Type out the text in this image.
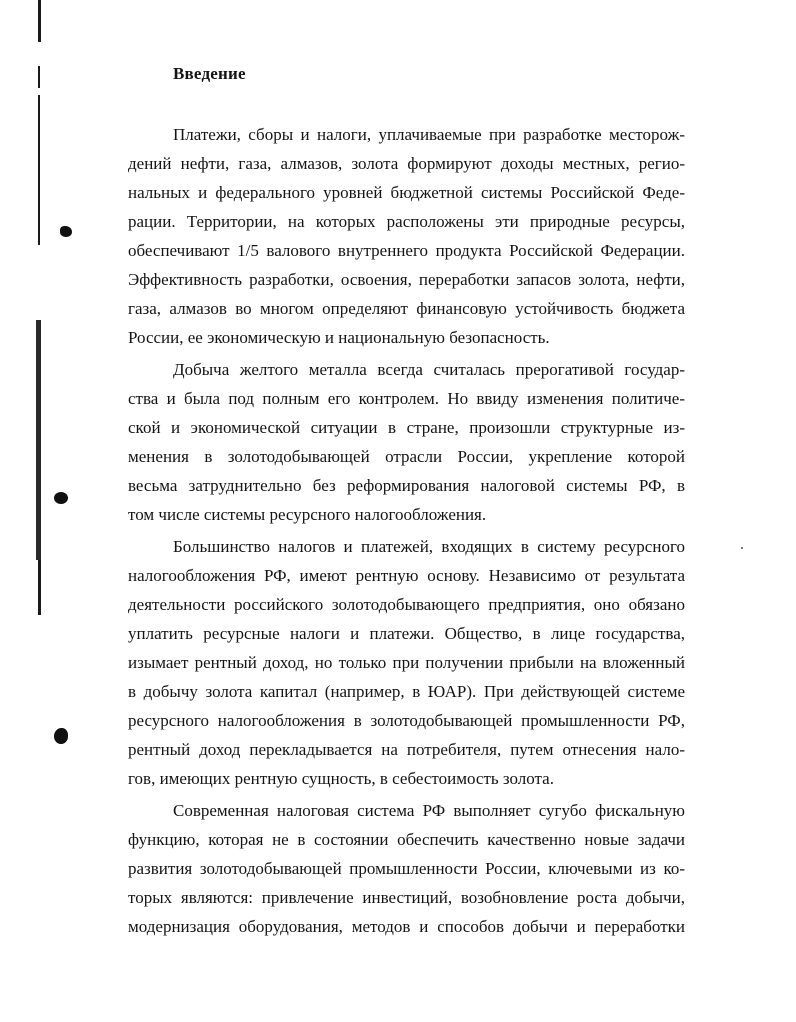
Введение

Платежи, сборы и налоги, уплачиваемые при разработке месторож-

дений нефти, газа, алмазов, золота формируют доходы местных, регио-

нальных и федерального уровней бюджетной системы Российской Феде-

рации. Территории, на которых расположены эти природные ресурсы,

обеспечивают 1/5 валового внутреннего продукта Российской Федерации.

Эффективность разработки, освоения, переработки запасов золота, нефти,

газа, алмазов во многом определяют финансовую устойчивость бюджета

России, ее экономическую и национальную безопасность.

Добыча желтого металла всегда считалась прерогативой государ-

ства и была под полным его контролем. Но ввиду изменения политиче-

ской и экономической ситуации в стране, произошли структурные из-

менения в золотодобывающей отрасли России, укрепление которой

весьма затруднительно без реформирования налоговой системы РФ, в

том числе системы ресурсного налогообложения.

Большинство налогов и платежей, входящих в систему ресурсного

налогообложения РФ, имеют рентную основу. Независимо от результата

деятельности российского золотодобывающего предприятия, оно обязано

уплатить ресурсные налоги и платежи. Общество, в лице государства,

изымает рентный доход, но только при получении прибыли на вложенный

в добычу золота капитал (например, в ЮАР). При действующей системе

ресурсного налогообложения в золотодобывающей промышленности РФ,

рентный доход перекладывается на потребителя, путем отнесения нало-

гов, имеющих рентную сущность, в себестоимость золота.

Современная налоговая система РФ выполняет сугубо фискальную

функцию, которая не в состоянии обеспечить качественно новые задачи

развития золотодобывающей промышленности России, ключевыми из ко-

торых являются: привлечение инвестиций, возобновление роста добычи,

модернизация оборудования, методов и способов добычи и переработки
